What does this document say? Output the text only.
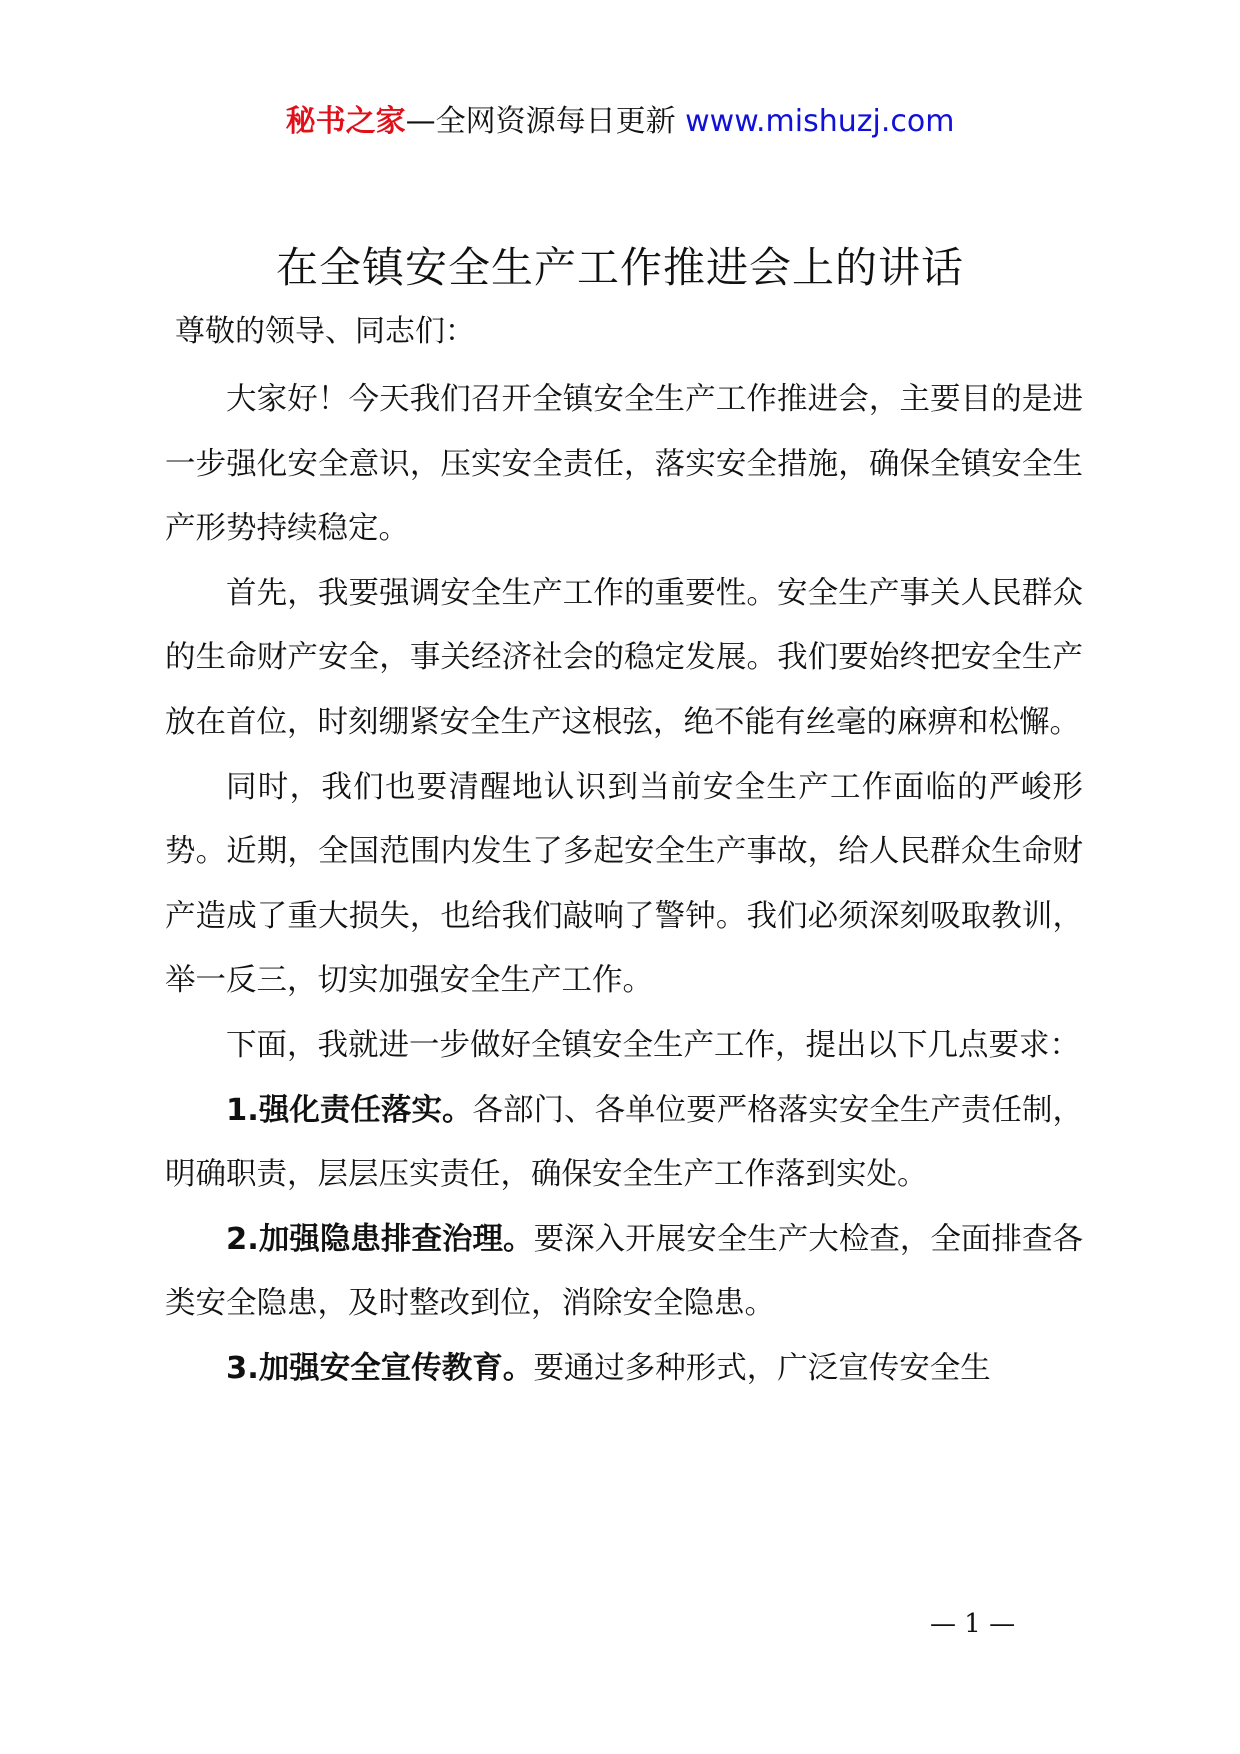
秘书之家—全网资源每日更新 www.mishuzj.com
在全镇安全生产工作推进会上的讲话

尊敬的领导、同志们：

大家好！今天我们召开全镇安全生产工作推进会，主要目的是进一步强化安全意识，压实安全责任，落实安全措施，确保全镇安全生产形势持续稳定。

首先，我要强调安全生产工作的重要性。安全生产事关人民群众的生命财产安全，事关经济社会的稳定发展。我们要始终把安全生产放在首位，时刻绷紧安全生产这根弦，绝不能有丝毫的麻痹和松懈。

同时，我们也要清醒地认识到当前安全生产工作面临的严峻形势。近期，全国范围内发生了多起安全生产事故，给人民群众生命财产造成了重大损失，也给我们敲响了警钟。我们必须深刻吸取教训，举一反三，切实加强安全生产工作。

下面，我就进一步做好全镇安全生产工作，提出以下几点要求：

1.强化责任落实。各部门、各单位要严格落实安全生产责任制，明确职责，层层压实责任，确保安全生产工作落到实处。

2.加强隐患排查治理。要深入开展安全生产大检查，全面排查各类安全隐患，及时整改到位，消除安全隐患。

3.加强安全宣传教育。要通过多种形式，广泛宣传安全生

— 1 —
